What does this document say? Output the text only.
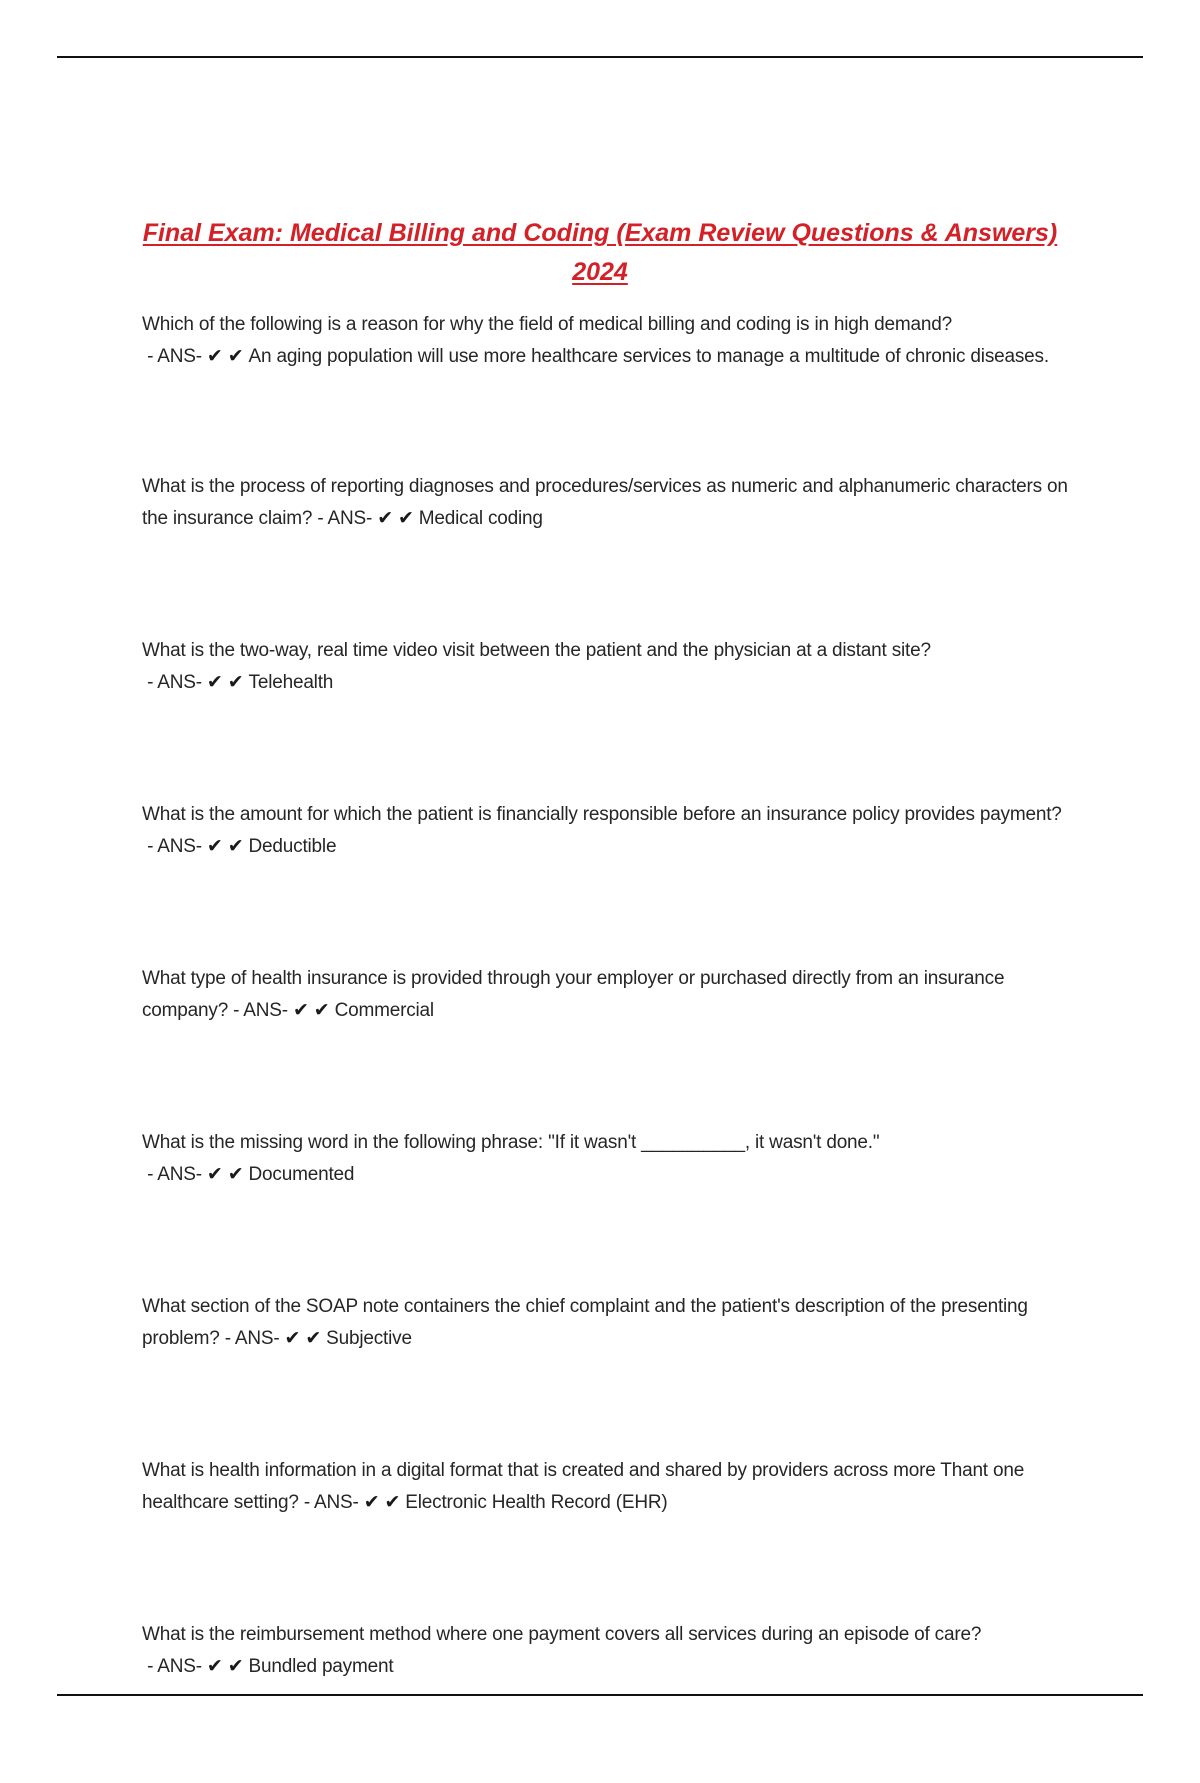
Final Exam: Medical Billing and Coding (Exam Review Questions & Answers)
2024

Which of the following is a reason for why the field of medical billing and coding is in high demand? - ANS- ✔ ✔ An aging population will use more healthcare services to manage a multitude of chronic diseases.

What is the process of reporting diagnoses and procedures/services as numeric and alphanumeric characters on the insurance claim? - ANS- ✔ ✔ Medical coding

What is the two-way, real time video visit between the patient and the physician at a distant site? - ANS- ✔ ✔ Telehealth

What is the amount for which the patient is financially responsible before an insurance policy provides payment? - ANS- ✔ ✔ Deductible

What type of health insurance is provided through your employer or purchased directly from an insurance company? - ANS- ✔ ✔ Commercial

What is the missing word in the following phrase: "If it wasn't __________, it wasn't done." - ANS- ✔ ✔ Documented

What section of the SOAP note containers the chief complaint and the patient's description of the presenting problem? - ANS- ✔ ✔ Subjective

What is health information in a digital format that is created and shared by providers across more Thant one healthcare setting? - ANS- ✔ ✔ Electronic Health Record (EHR)

What is the reimbursement method where one payment covers all services during an episode of care? - ANS- ✔ ✔ Bundled payment
